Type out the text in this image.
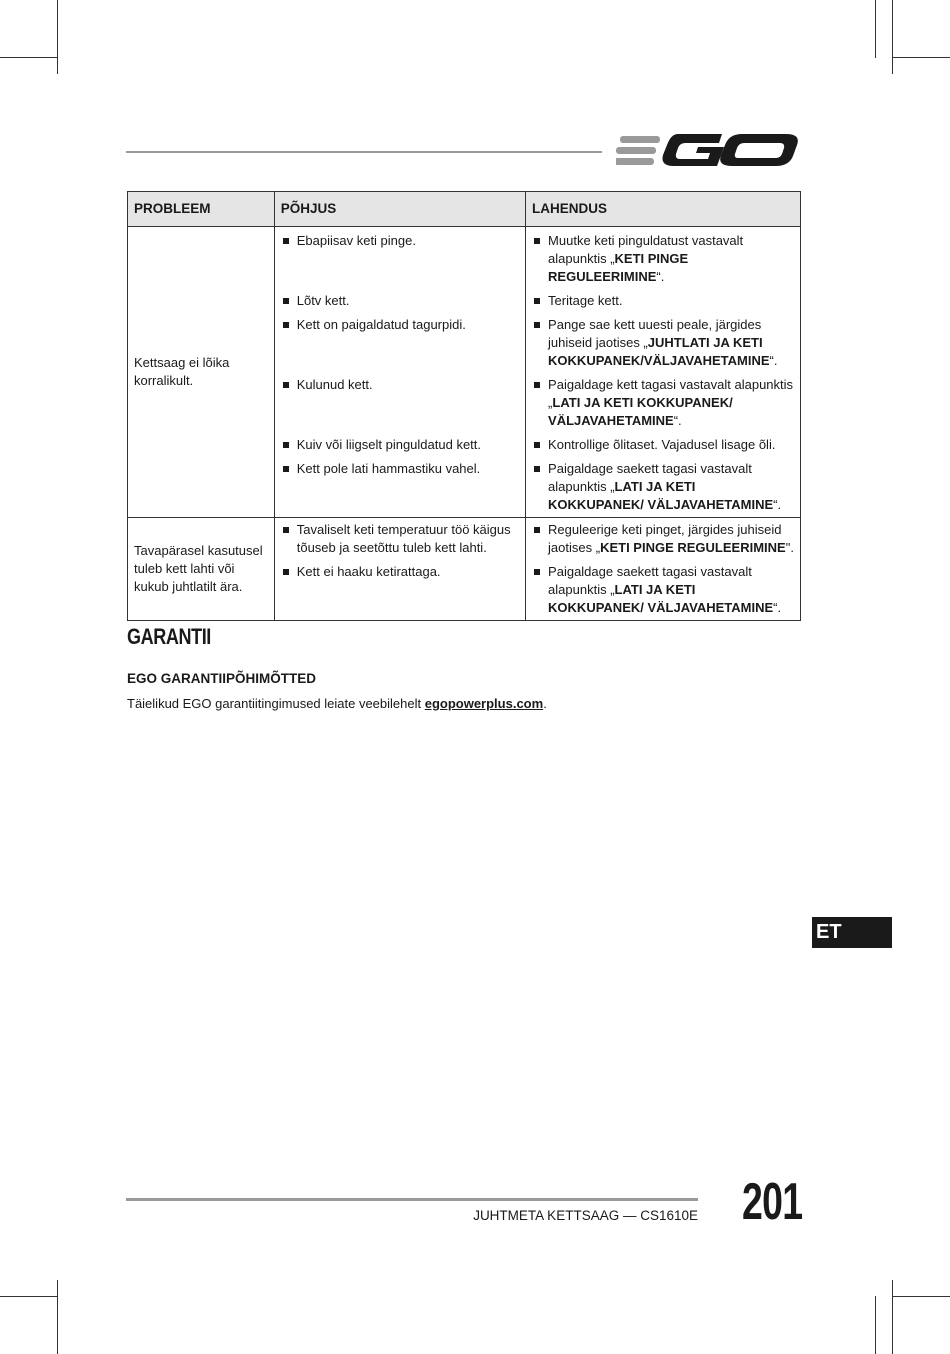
PROBLEEM	PÕHJUS	LAHENDUS
Kettsaag ei lõika korralikult.	Ebapiisav keti pinge.	Muutke keti pinguldatust vastavalt alapunktis „KETI PINGE REGULEERIMINE“.

	Lõtv kett.	Teritage kett.

	Kett on paigaldatud tagurpidi.	Pange sae kett uuesti peale, järgides juhiseid jaotises „JUHTLATI JA KETI KOKKUPANEK/VÄLJAVAHETAMINE“.

	Kulunud kett.	Paigaldage kett tagasi vastavalt alapunktis „LATI JA KETI KOKKUPANEK/ VÄLJAVAHETAMINE“.

	Kuiv või liigselt pinguldatud kett.	Kontrollige õlitaset. Vajadusel lisage õli.

	Kett pole lati hammastiku vahel.	Paigaldage saekett tagasi vastavalt alapunktis „LATI JA KETI KOKKUPANEK/ VÄLJAVAHETAMINE“.

Tavapärasel kasutusel tuleb kett lahti või kukub juhtlatilt ära.	Tavaliselt keti temperatuur töö käigus tõuseb ja seetõttu tuleb kett lahti.	Reguleerige keti pinget, järgides juhiseid jaotises „KETI PINGE REGULEERIMINE".

	Kett ei haaku ketirattaga.	Paigaldage saekett tagasi vastavalt alapunktis „LATI JA KETI KOKKUPANEK/ VÄLJAVAHETAMINE“.
GARANTII
EGO GARANTIIPÕHIMÕTTED
Täielikud EGO garantiitingimused leiate veebilehelt egopowerplus.com.
ET
JUHTMETA KETTSAAG — CS1610E 201
